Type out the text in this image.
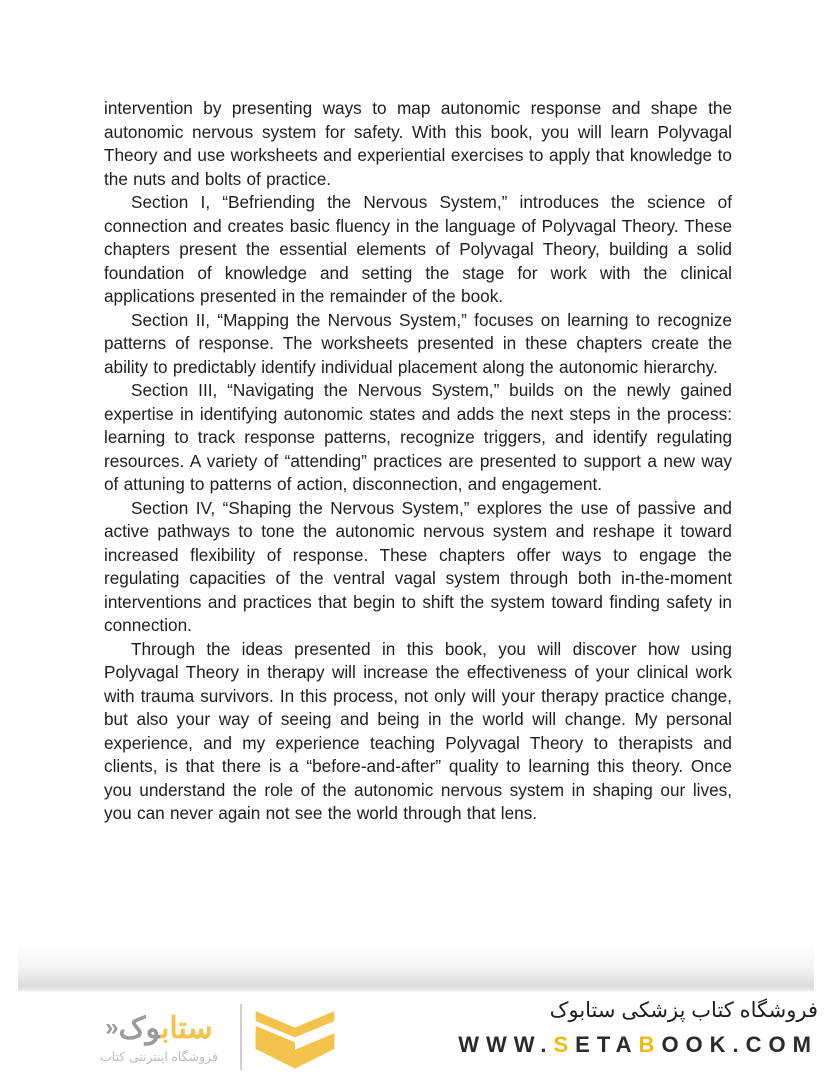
intervention by presenting ways to map autonomic response and shape the autonomic nervous system for safety. With this book, you will learn Polyvagal Theory and use worksheets and experiential exercises to apply that knowledge to the nuts and bolts of practice.

Section I, “Befriending the Nervous System,” introduces the science of connection and creates basic fluency in the language of Polyvagal Theory. These chapters present the essential elements of Polyvagal Theory, building a solid foundation of knowledge and setting the stage for work with the clinical applications presented in the remainder of the book.

Section II, “Mapping the Nervous System,” focuses on learning to recognize patterns of response. The worksheets presented in these chapters create the ability to predictably identify individual placement along the autonomic hierarchy.

Section III, “Navigating the Nervous System,” builds on the newly gained expertise in identifying autonomic states and adds the next steps in the process: learning to track response patterns, recognize triggers, and identify regulating resources. A variety of “attending” practices are presented to support a new way of attuning to patterns of action, disconnection, and engagement.

Section IV, “Shaping the Nervous System,” explores the use of passive and active pathways to tone the autonomic nervous system and reshape it toward increased flexibility of response. These chapters offer ways to engage the regulating capacities of the ventral vagal system through both in-the-moment interventions and practices that begin to shift the system toward finding safety in connection.

Through the ideas presented in this book, you will discover how using Polyvagal Theory in therapy will increase the effectiveness of your clinical work with trauma survivors. In this process, not only will your therapy practice change, but also your way of seeing and being in the world will change. My personal experience, and my experience teaching Polyvagal Theory to therapists and clients, is that there is a “before-and-after” quality to learning this theory. Once you understand the role of the autonomic nervous system in shaping our lives, you can never again not see the world through that lens.

ستابوک«
فروشگاه اینترنتی کتاب
فروشگاه کتاب پزشکی ستابوک
WWW.SETABOOK.COM
